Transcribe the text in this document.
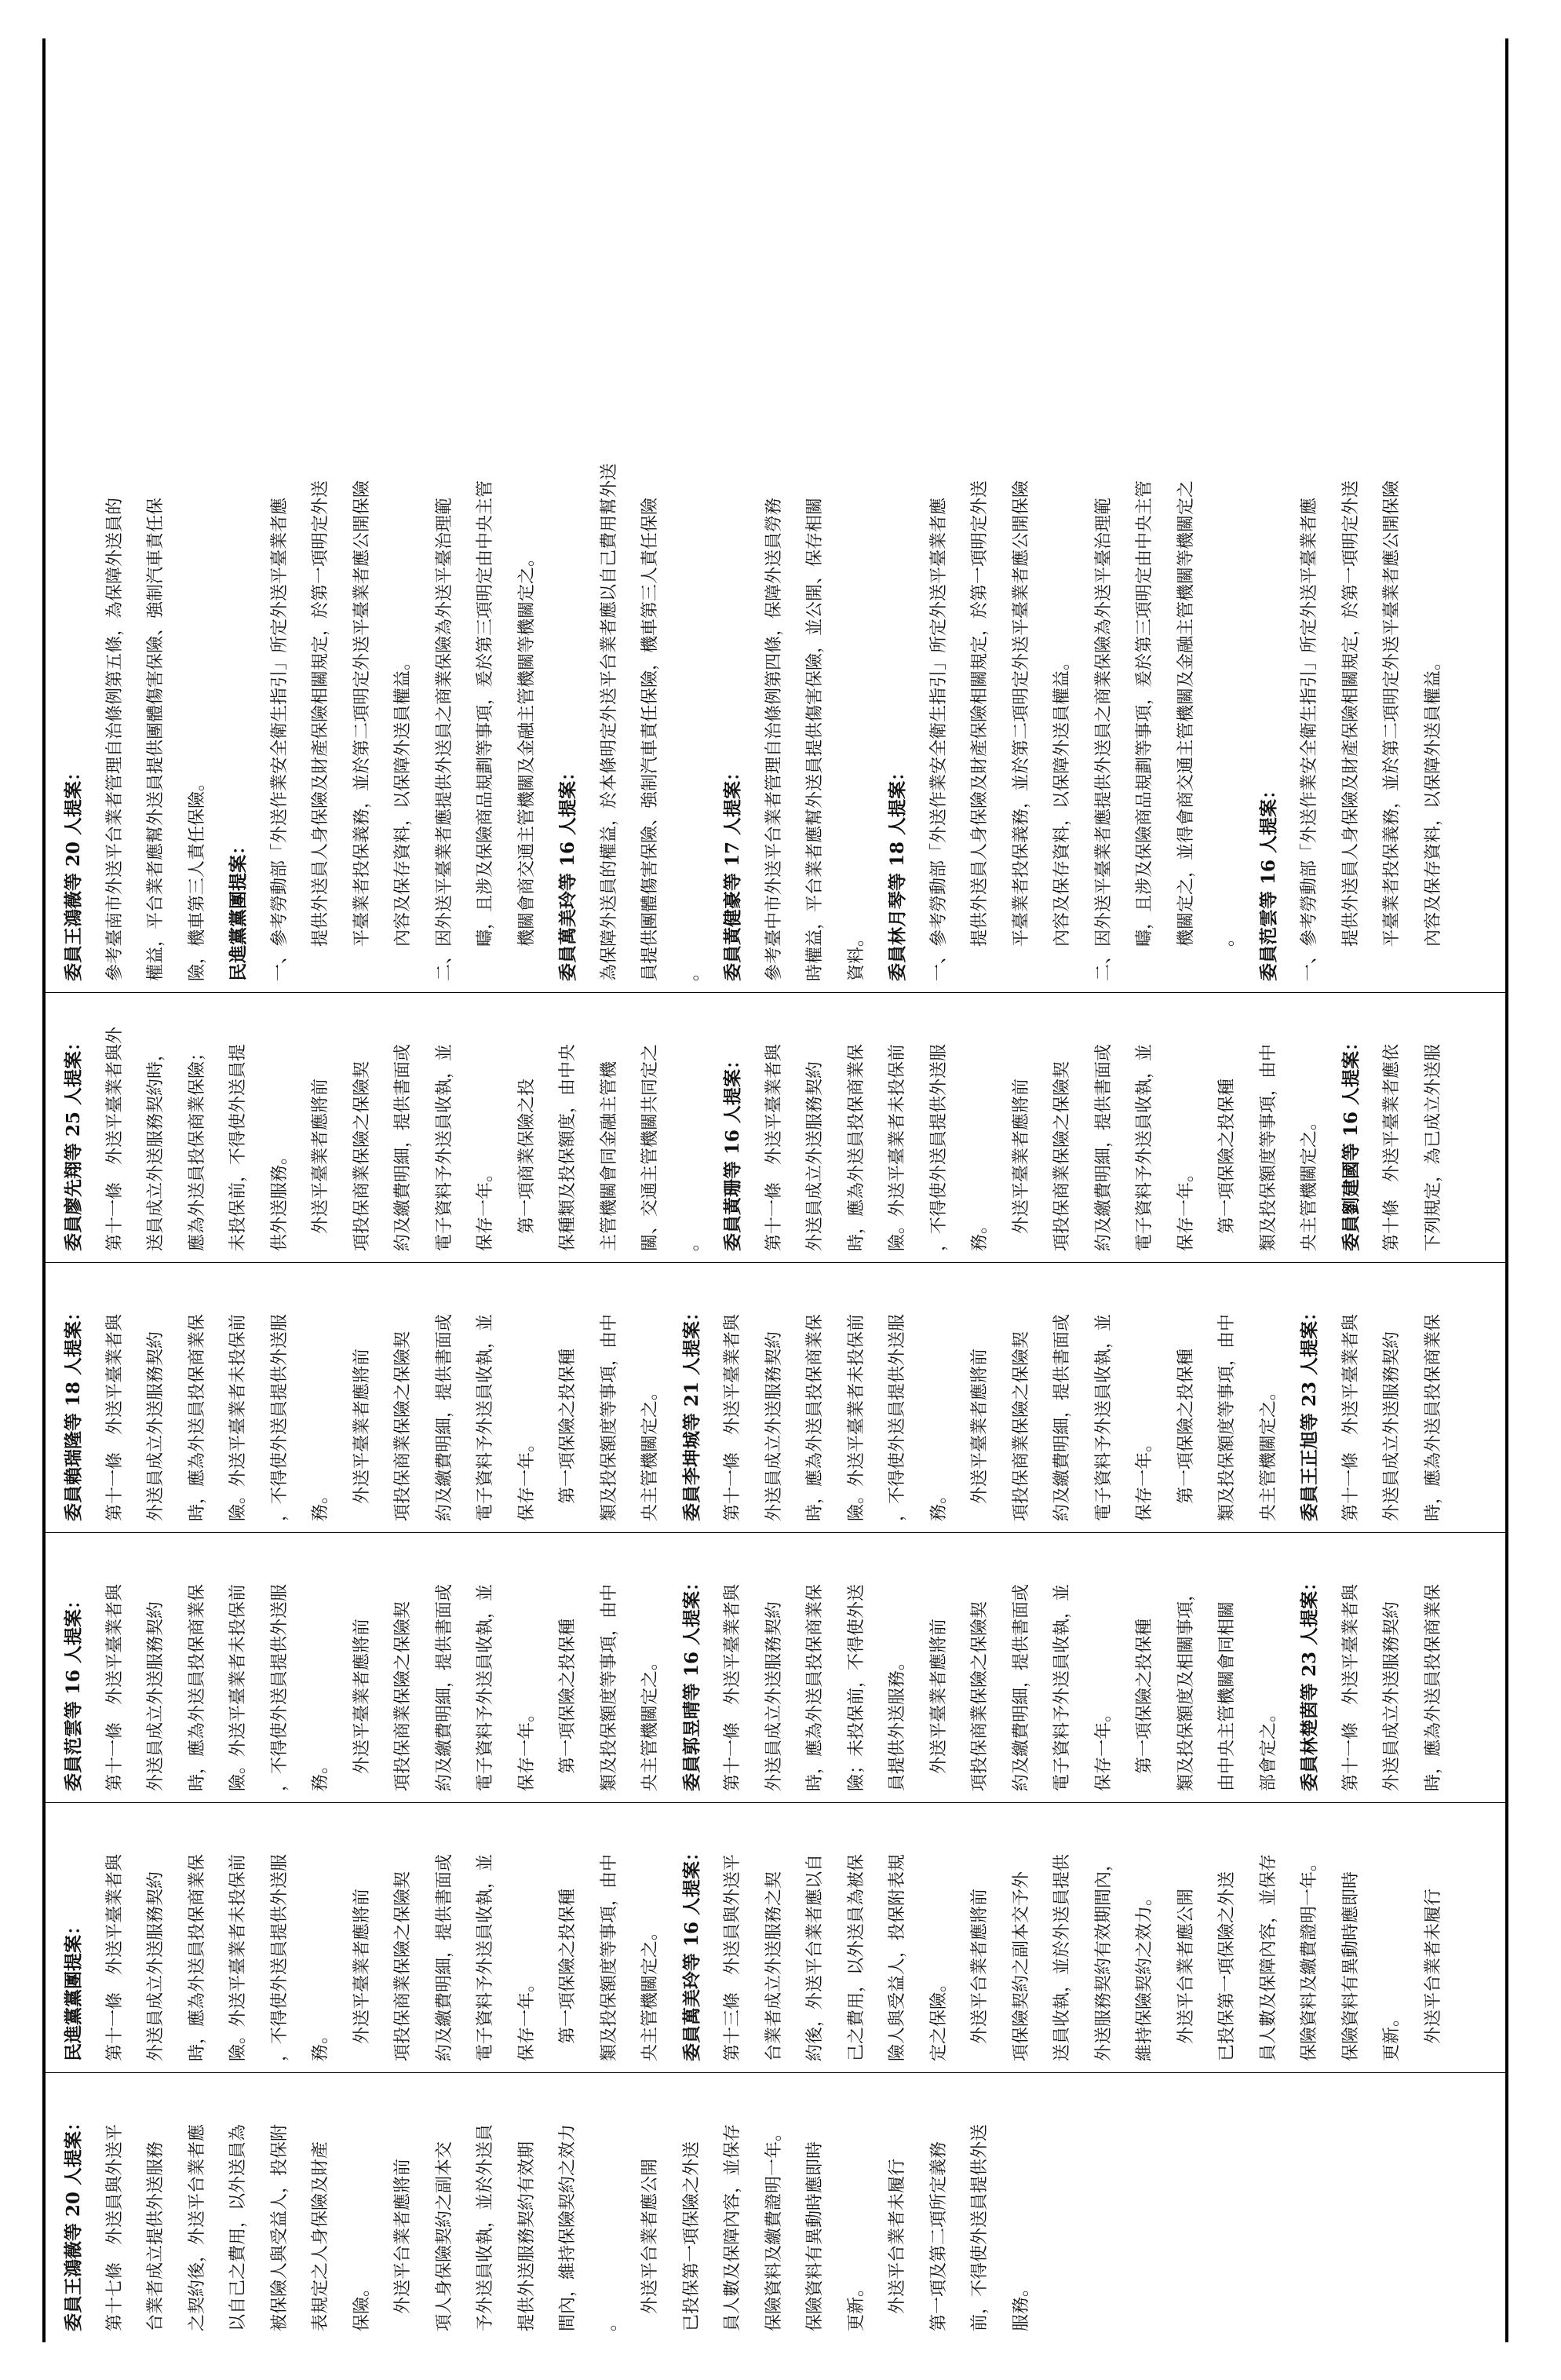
委員王鴻薇等 20 人提案：	第十七條　外送員與外送平	台業者成立提供外送服務	之契約後，外送平台業者應	以自己之費用，以外送員為	被保險人與受益人，投保附	表規定之人身保險及財產	保險。	　外送平台業者應將前	項人身保險契約之副本交	予外送員收執，並於外送員	提供外送服務契約有效期	間內，維持保險契約之效力	。	　外送平台業者應公開	已投保第一項保險之外送	員人數及保障內容，並保存	保險資料及繳費證明一年。	保險資料有異動時應即時	更新。	　外送平台業者未履行	第一項及第二項所定義務	前，不得使外送員提供外送	服務。
民進黨黨團提案：	第十一條　外送平臺業者與	外送員成立外送服務契約	時，應為外送員投保商業保	險。外送平臺業者未投保前	，不得使外送員提供外送服	務。	　外送平臺業者應將前	項投保商業保險之保險契	約及繳費明細，提供書面或	電子資料予外送員收執，並	保存一年。	　第一項保險之投保種	類及投保額度等事項，由中	央主管機關定之。	委員萬美玲等 16 人提案：	第十三條　外送員與外送平	台業者成立外送服務之契	約後，外送平台業者應以自	己之費用，以外送員為被保	險人與受益人，投保附表規	定之保險。	　外送平台業者應將前	項保險契約之副本交予外	送員收執，並於外送員提供	外送服務契約有效期間內，	維持保險契約之效力。	　外送平台業者應公開	已投保第一項保險之外送	員人數及保障內容，並保存	保險資料及繳費證明一年。	保險資料有異動時應即時	更新。	　外送平台業者未履行
委員范雲等 16 人提案：	第十一條　外送平臺業者與	外送員成立外送服務契約	時，應為外送員投保商業保	險。外送平臺業者未投保前	，不得使外送員提供外送服	務。	　外送平臺業者應將前	項投保商業保險之保險契	約及繳費明細，提供書面或	電子資料予外送員收執，並	保存一年。	　第一項保險之投保種	類及投保額度等事項，由中	央主管機關定之。	委員郭昱晴等 16 人提案：	第十一條　外送平臺業者與	外送員成立外送服務契約	時，應為外送員投保商業保	險；未投保前，不得使外送	員提供外送服務。	　外送平臺業者應將前	項投保商業保險之保險契	約及繳費明細，提供書面或	電子資料予外送員收執，並	保存一年。	　第一項保險之投保種	類及投保額度及相關事項，	由中央主管機關會同相關	部會定之。	委員林楚茵等 23 人提案：	第十一條　外送平臺業者與	外送員成立外送服務契約	時，應為外送員投保商業保
委員賴瑞隆等 18 人提案：	第十一條　外送平臺業者與	外送員成立外送服務契約	時，應為外送員投保商業保	險。外送平臺業者未投保前	，不得使外送員提供外送服	務。	　外送平臺業者應將前	項投保商業保險之保險契	約及繳費明細，提供書面或	電子資料予外送員收執，並	保存一年。	　第一項保險之投保種	類及投保額度等事項，由中	央主管機關定之。	委員李坤城等 21 人提案：	第十一條　外送平臺業者與	外送員成立外送服務契約	時，應為外送員投保商業保	險。外送平臺業者未投保前	，不得使外送員提供外送服	務。	　外送平臺業者應將前	項投保商業保險之保險契	約及繳費明細，提供書面或	電子資料予外送員收執，並	保存一年。	　第一項保險之投保種	類及投保額度等事項，由中	央主管機關定之。	委員王正旭等 23 人提案：	第十一條　外送平臺業者與	外送員成立外送服務契約	時，應為外送員投保商業保
委員廖先翔等 25 人提案：	第十一條　外送平臺業者與外	送員成立外送服務契約時，	應為外送員投保商業保險；	未投保前，不得使外送員提	供外送服務。	　外送平臺業者應將前	項投保商業保險之保險契	約及繳費明細，提供書面或	電子資料予外送員收執，並	保存一年。	　第一項商業保險之投	保種類及投保額度，由中央	主管機關會同金融主管機	關、交通主管機關共同定之	。	委員黃珊等 16 人提案：	第十一條　外送平臺業者與	外送員成立外送服務契約	時，應為外送員投保商業保	險。外送平臺業者未投保前	，不得使外送員提供外送服	務。	　外送平臺業者應將前	項投保商業保險之保險契	約及繳費明細，提供書面或	電子資料予外送員收執，並	保存一年。	　第一項保險之投保種	類及投保額度等事項，由中	央主管機關定之。	委員劉建國等 16 人提案：	第十條　外送平臺業者應依	下列規定，為已成立外送服
委員王鴻薇等 20 人提案：	參考臺南市外送平台業者管理自治條例第五條，為保障外送員的	權益，平台業者應幫外送員提供團體傷害保險、強制汽車責任保	險，機車第三人責任保險。	民進黨黨團提案：	一、參考勞動部「外送作業安全衛生指引」所定外送平臺業者應	　　提供外送員人身保險及財產保險相關規定，於第一項明定外送	　　平臺業者投保義務，並於第二項明定外送平臺業者應公開保險	　　內容及保存資料，以保障外送員權益。	二、因外送平臺業者應提供外送員之商業保險為外送平臺治理範	　　疇，且涉及保險商品規劃等事項，爰於第三項明定由中央主管	　　機關會商交通主管機關及金融主管機關等機關定之。	委員萬美玲等 16 人提案：	為保障外送員的權益，於本條明定外送平台業者應以自己費用幫外送	員提供團體傷害保險、強制汽車責任保險，機車第三人責任保險	。	委員黃健豪等 17 人提案：	參考臺中市外送平台業者管理自治條例第四條，保障外送員勞務	時權益，平台業者應幫外送員提供傷害保險，並公開、保存相關	資料。	委員林月琴等 18 人提案：	一、參考勞動部「外送作業安全衛生指引」所定外送平臺業者應	　　提供外送員人身保險及財產保險相關規定，於第一項明定外送	　　平臺業者投保義務，並於第二項明定外送平臺業者應公開保險	　　內容及保存資料，以保障外送員權益。	二、因外送平臺業者應提供外送員之商業保險為外送平臺治理範	　　疇，且涉及保險商品規劃等事項，爰於第三項明定由中央主管	　　機關定之，並得會商交通主管機關及金融主管機關等機關定之	　　。	委員范雲等 16 人提案：	一、參考勞動部「外送作業安全衛生指引」所定外送平臺業者應	　　提供外送員人身保險及財產保險相關規定，於第一項明定外送	　　平臺業者投保義務，並於第二項明定外送平臺業者應公開保險	　　內容及保存資料，以保障外送員權益。
